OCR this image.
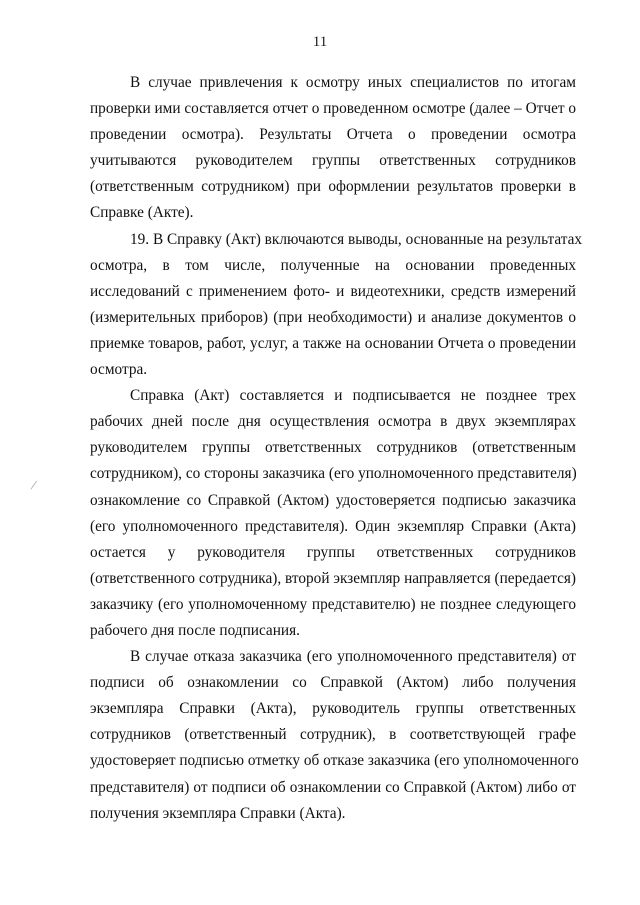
11

В случае привлечения к осмотру иных специалистов по итогам
проверки ими составляется отчет о проведенном осмотре (далее – Отчет о
проведении осмотра). Результаты Отчета о проведении осмотра
учитываются руководителем группы ответственных сотрудников
(ответственным сотрудником) при оформлении результатов проверки в
Справке (Акте).

19. В Справку (Акт) включаются выводы, основанные на результатах
осмотра, в том числе, полученные на основании проведенных
исследований с применением фото- и видеотехники, средств измерений
(измерительных приборов) (при необходимости) и анализе документов о
приемке товаров, работ, услуг, а также на основании Отчета о проведении
осмотра.

Справка (Акт) составляется и подписывается не позднее трех
рабочих дней после дня осуществления осмотра в двух экземплярах
руководителем группы ответственных сотрудников (ответственным
сотрудником), со стороны заказчика (его уполномоченного представителя)
ознакомление со Справкой (Актом) удостоверяется подписью заказчика
(его уполномоченного представителя). Один экземпляр Справки (Акта)
остается у руководителя группы ответственных сотрудников
(ответственного сотрудника), второй экземпляр направляется (передается)
заказчику (его уполномоченному представителю) не позднее следующего
рабочего дня после подписания.

В случае отказа заказчика (его уполномоченного представителя) от
подписи об ознакомлении со Справкой (Актом) либо получения
экземпляра Справки (Акта), руководитель группы ответственных
сотрудников (ответственный сотрудник), в соответствующей графе
удостоверяет подписью отметку об отказе заказчика (его уполномоченного
представителя) от подписи об ознакомлении со Справкой (Актом) либо от
получения экземпляра Справки (Акта).
